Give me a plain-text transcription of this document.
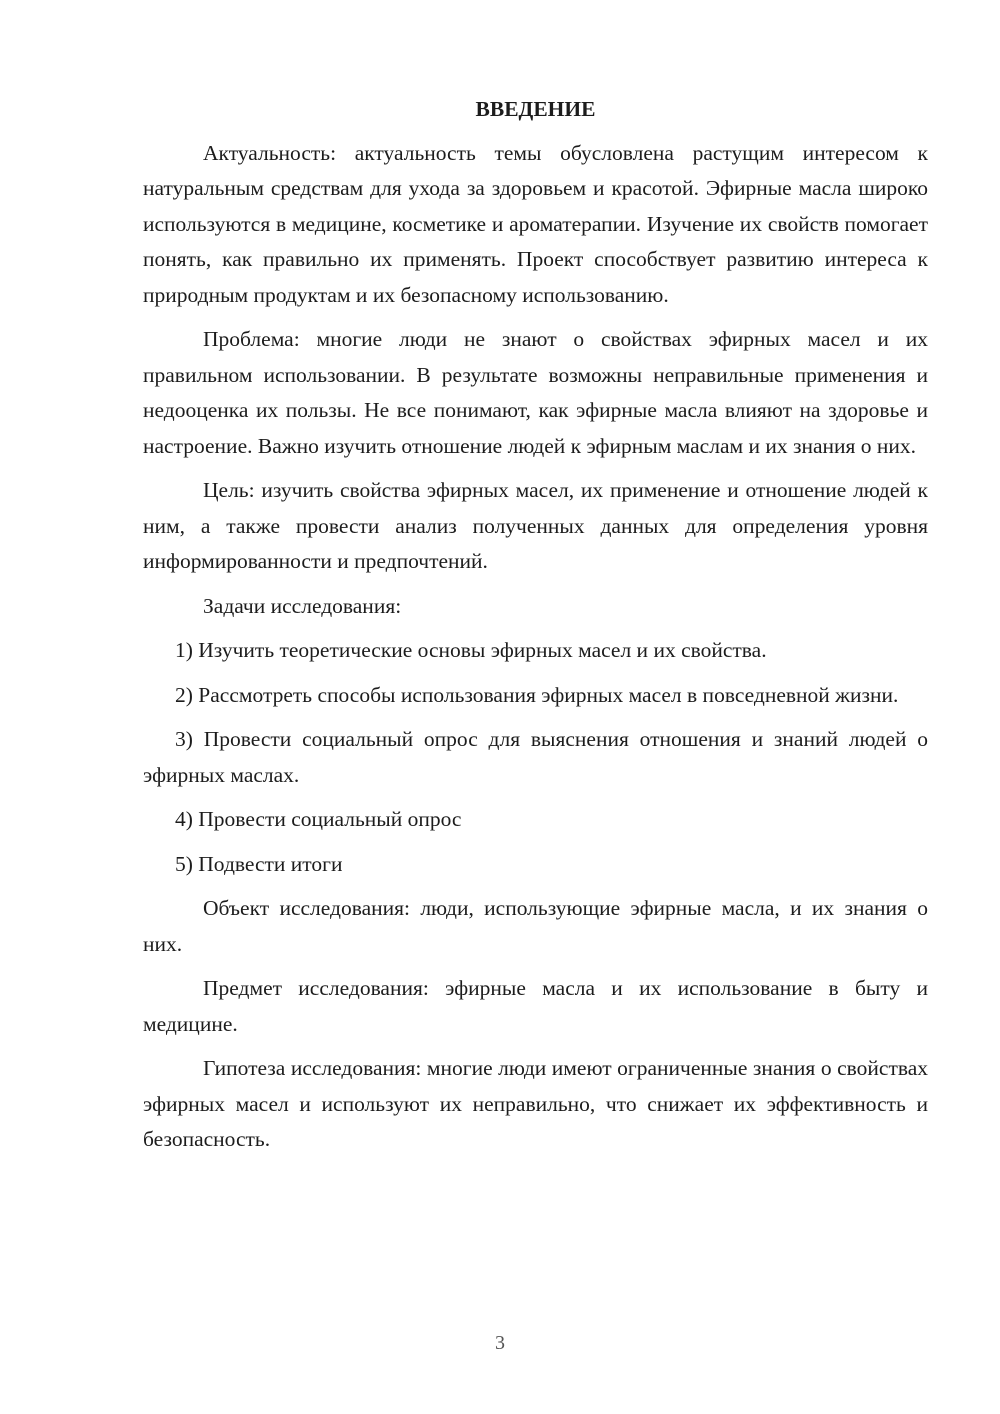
ВВЕДЕНИЕ

Актуальность: актуальность темы обусловлена растущим интересом к натуральным средствам для ухода за здоровьем и красотой. Эфирные масла широко используются в медицине, косметике и ароматерапии. Изучение их свойств помогает понять, как правильно их применять. Проект способствует развитию интереса к природным продуктам и их безопасному использованию.

Проблема: многие люди не знают о свойствах эфирных масел и их правильном использовании. В результате возможны неправильные применения и недооценка их пользы. Не все понимают, как эфирные масла влияют на здоровье и настроение. Важно изучить отношение людей к эфирным маслам и их знания о них.

Цель: изучить свойства эфирных масел, их применение и отношение людей к ним, а также провести анализ полученных данных для определения уровня информированности и предпочтений.

Задачи исследования:

1) Изучить теоретические основы эфирных масел и их свойства.

2) Рассмотреть способы использования эфирных масел в повседневной жизни.

3) Провести социальный опрос для выяснения отношения и знаний людей о эфирных маслах.

4) Провести социальный опрос

5) Подвести итоги

Объект исследования: люди, использующие эфирные масла, и их знания о них.

Предмет исследования: эфирные масла и их использование в быту и медицине.

Гипотеза исследования: многие люди имеют ограниченные знания о свойствах эфирных масел и используют их неправильно, что снижает их эффективность и безопасность.

3
